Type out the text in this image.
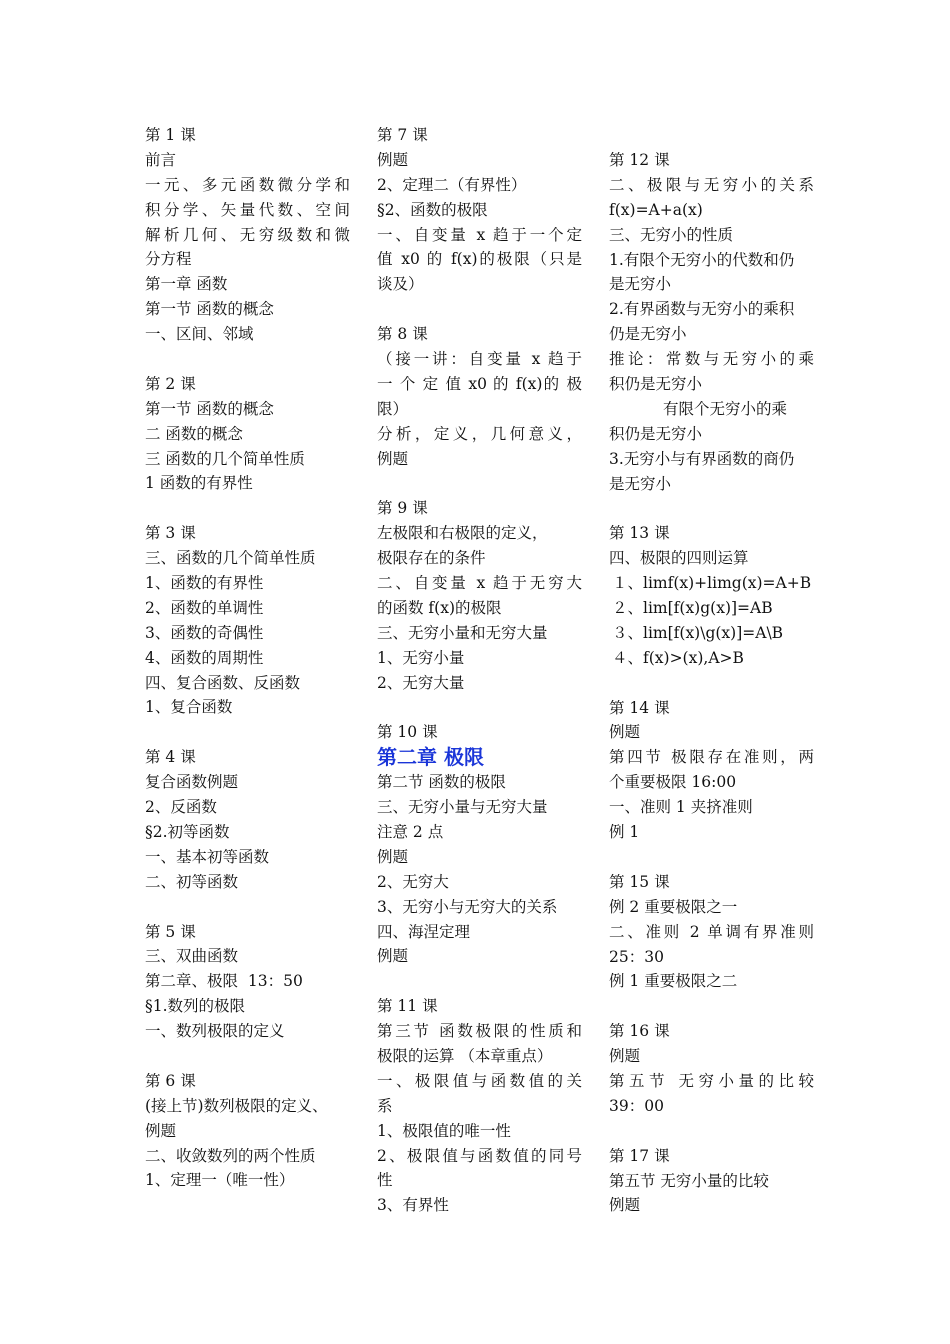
第 1 课
前言
一元、多元函数微分学和
积分学、矢量代数、空间
解析几何、无穷级数和微
分方程
第一章 函数
第一节 函数的概念
一、区间、邻域
第 2 课
第一节 函数的概念
二 函数的概念
三 函数的几个简单性质
1 函数的有界性
第 3 课
三、函数的几个简单性质
1、函数的有界性
2、函数的单调性
3、函数的奇偶性
4、函数的周期性
四、复合函数、反函数
1、复合函数
第 4 课
复合函数例题
2、反函数
§2.初等函数
一、基本初等函数
二、初等函数
第 5 课
三、双曲函数
第二章、极限  13：50
§1.数列的极限
一、数列极限的定义
第 6 课
(接上节)数列极限的定义、
例题
二、收敛数列的两个性质
1、定理一（唯一性）
第 7 课
例题
2、定理二（有界性）
§2、函数的极限
一、自变量 x 趋于一个定
值 x0 的 f(x)的极限（只是
谈及）
第 8 课
（接一讲：自变量 x 趋于
一 个 定 值 x0 的 f(x)的 极
限）
分析，定义，几何意义，
例题
第 9 课
左极限和右极限的定义，
极限存在的条件
二、自变量 x 趋于无穷大
的函数 f(x)的极限
三、无穷小量和无穷大量
1、无穷小量
2、无穷大量
第 10 课
第二章 极限
第二节 函数的极限
三、无穷小量与无穷大量
注意 2 点
例题
2、无穷大
3、无穷小与无穷大的关系
四、海涅定理
例题
第 11 课
第三节 函数极限的性质和
极限的运算 （本章重点）
一、极限值与函数值的关
系
1、极限值的唯一性
2、极限值与函数值的同号
性
3、有界性
第 12 课
二、极限与无穷小的关系
f(x)=A+a(x)
三、无穷小的性质
1.有限个无穷小的代数和仍
是无穷小
2.有界函数与无穷小的乘积
仍是无穷小
推论：常数与无穷小的乘
积仍是无穷小
有限个无穷小的乘
积仍是无穷小
3.无穷小与有界函数的商仍
是无穷小
第 13 课
四、极限的四则运算
１、limf(x)+limg(x)=A+B
２、lim[f(x)g(x)]=AB
３、lim[f(x)\g(x)]=A\B
４、f(x)>(x),A>B
第 14 课
例题
第四节 极限存在准则，两
个重要极限 16:00
一、准则 1 夹挤准则
例 1
第 15 课
例 2 重要极限之一
二、准则 2 单调有界准则
25：30
例 1 重要极限之二
第 16 课
例题
第五节 无穷小量的比较
39：00
第 17 课
第五节 无穷小量的比较
例题
